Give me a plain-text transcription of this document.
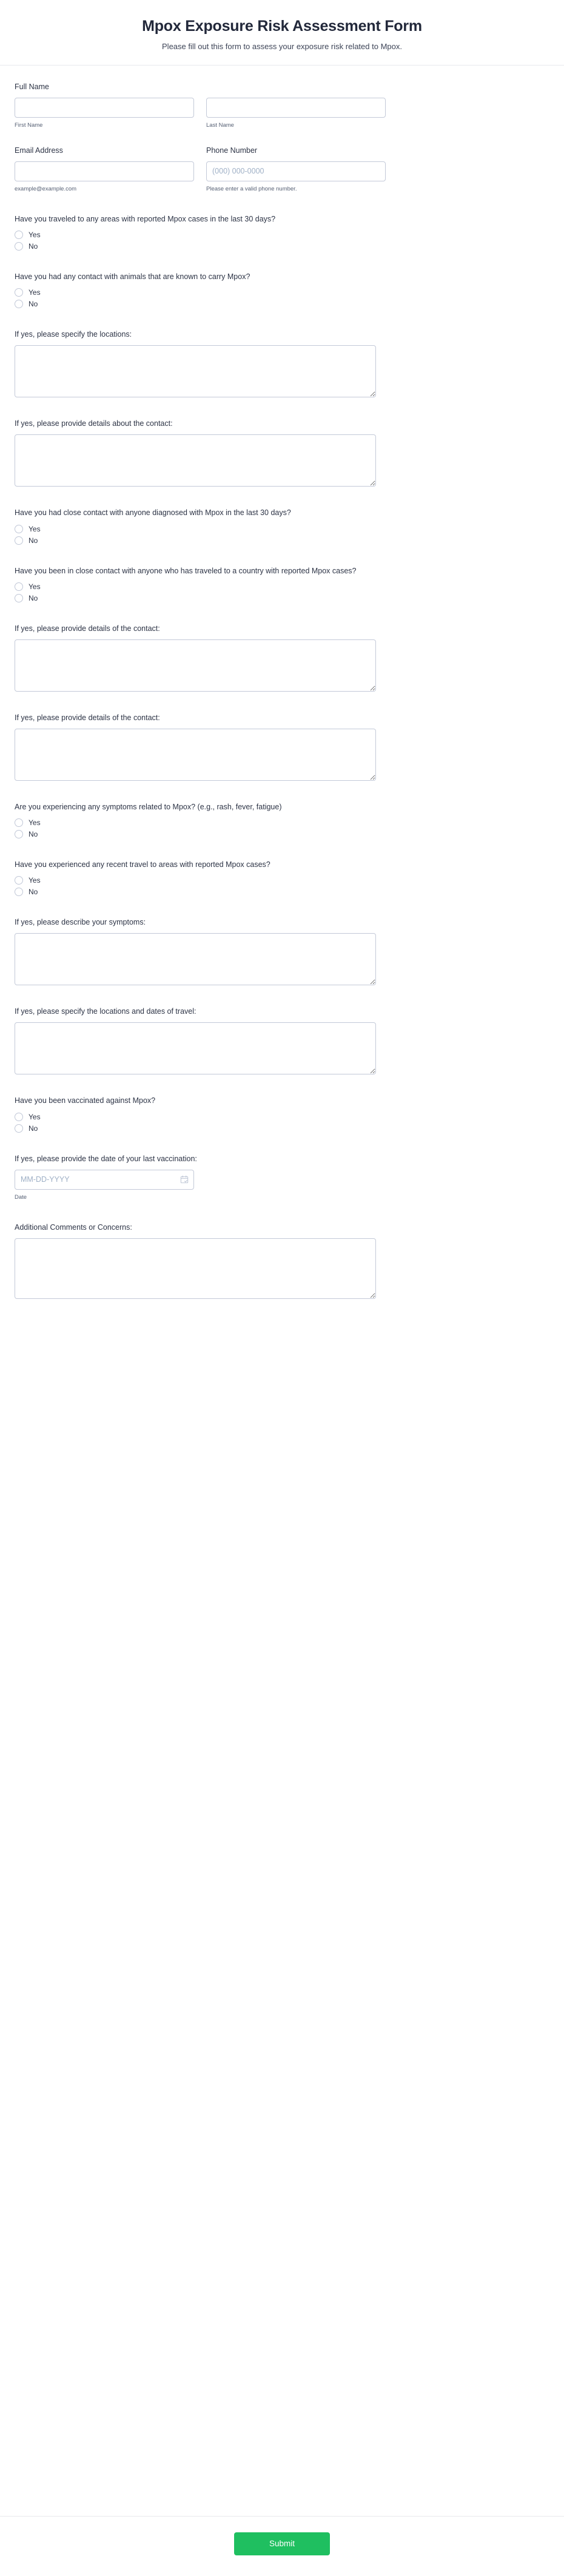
Mpox Exposure Risk Assessment Form

Please fill out this form to assess your exposure risk related to Mpox.

Full Name
First Name	Last Name
Email Address
example@example.com
Phone Number
(000) 000-0000
Please enter a valid phone number.
Have you traveled to any areas with reported Mpox cases in the last 30 days?
Yes
No
Have you had any contact with animals that are known to carry Mpox?
Yes
No
If yes, please specify the locations:
If yes, please provide details about the contact:
Have you had close contact with anyone diagnosed with Mpox in the last 30 days?
Yes
No
Have you been in close contact with anyone who has traveled to a country with reported Mpox cases?
Yes
No
If yes, please provide details of the contact:
If yes, please provide details of the contact:
Are you experiencing any symptoms related to Mpox? (e.g., rash, fever, fatigue)
Yes
No
Have you experienced any recent travel to areas with reported Mpox cases?
Yes
No
If yes, please describe your symptoms:
If yes, please specify the locations and dates of travel:
Have you been vaccinated against Mpox?
Yes
No
If yes, please provide the date of your last vaccination:
MM-DD-YYYY
Date
Additional Comments or Concerns:
Submit
